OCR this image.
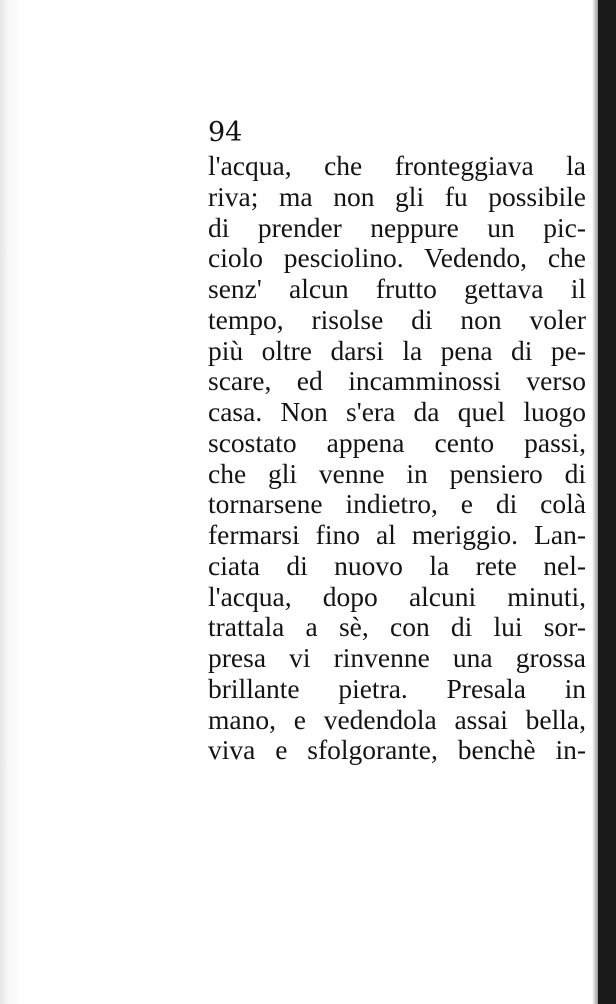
94

l'acqua, che fronteggiava la
riva; ma non gli fu possibile
di prender neppure un pic-
ciolo pesciolino. Vedendo, che
senz' alcun frutto gettava il
tempo, risolse di non voler
più oltre darsi la pena di pe-
scare, ed incamminossi verso
casa. Non s'era da quel luogo
scostato appena cento passi,
che gli venne in pensiero di
tornarsene indietro, e di colà
fermarsi fino al meriggio. Lan-
ciata di nuovo la rete nel-
l'acqua, dopo alcuni minuti,
trattala a sè, con di lui sor-
presa vi rinvenne una grossa
brillante pietra. Presala in
mano, e vedendola assai bella,
viva e sfolgorante, benchè in-
